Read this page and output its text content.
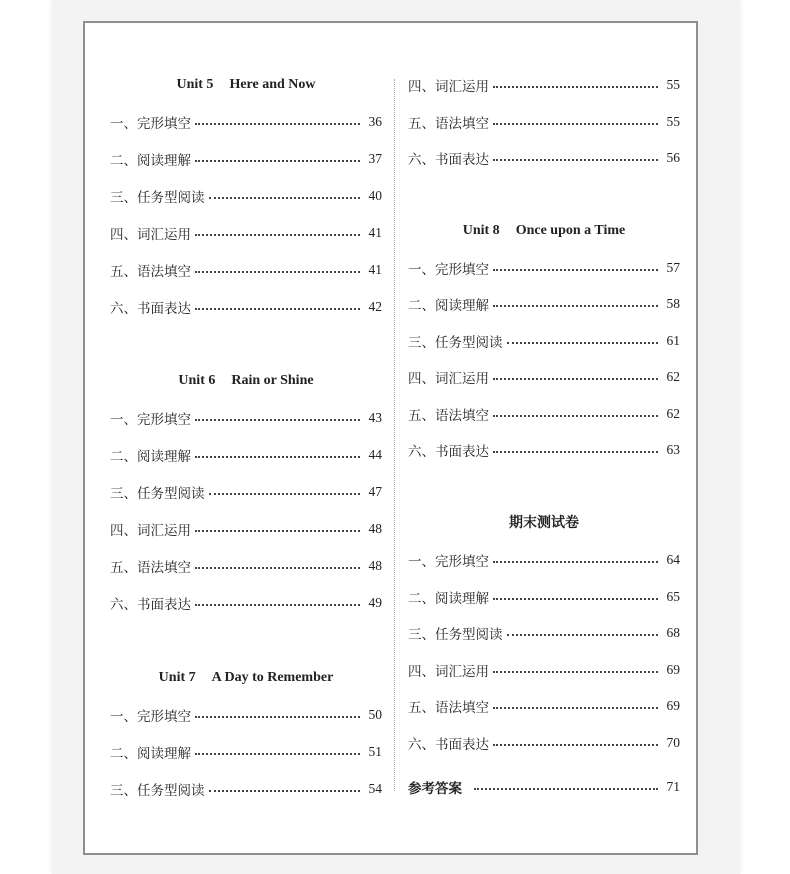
Unit 5 Here and Now
一、完形填空	36
二、阅读理解	37
三、任务型阅读	40
四、词汇运用	41
五、语法填空	41
六、书面表达	42
Unit 6 Rain or Shine
一、完形填空	43
二、阅读理解	44
三、任务型阅读	47
四、词汇运用	48
五、语法填空	48
六、书面表达	49
Unit 7 A Day to Remember
一、完形填空	50
二、阅读理解	51
三、任务型阅读	54
四、词汇运用	55
五、语法填空	55
六、书面表达	56
Unit 8 Once upon a Time
一、完形填空	57
二、阅读理解	58
三、任务型阅读	61
四、词汇运用	62
五、语法填空	62
六、书面表达	63
期末测试卷
一、完形填空	64
二、阅读理解	65
三、任务型阅读	68
四、词汇运用	69
五、语法填空	69
六、书面表达	70
参考答案	71
